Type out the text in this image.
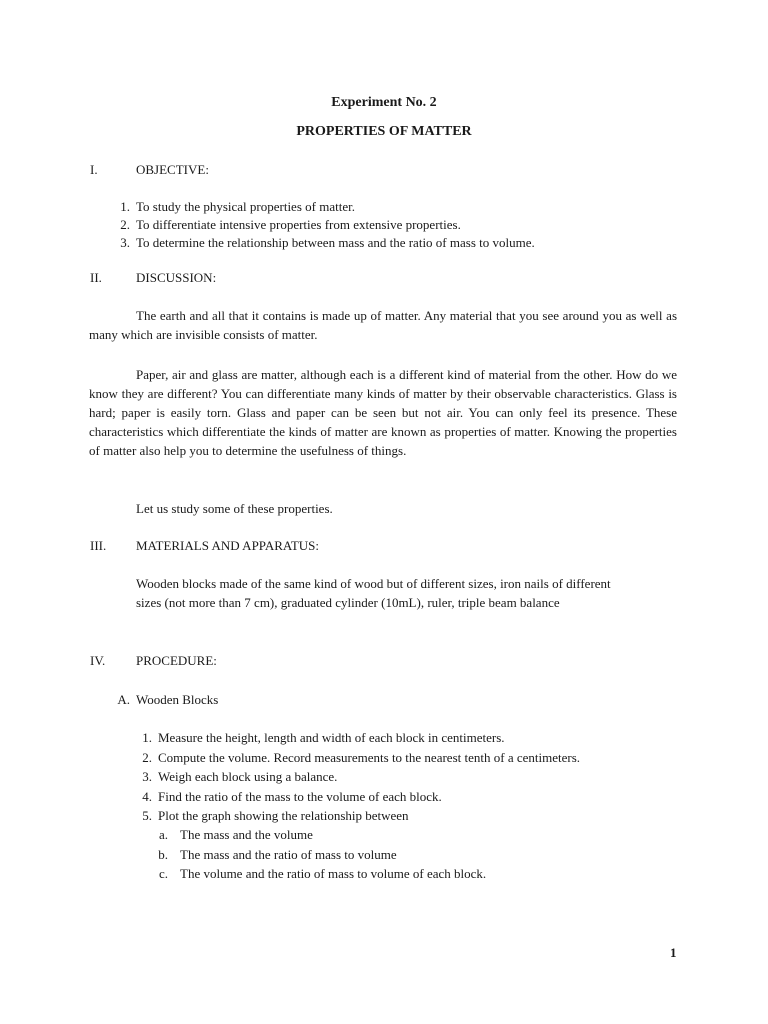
Experiment No. 2
PROPERTIES OF MATTER
I.	OBJECTIVE:
1. To study the physical properties of matter.
2. To differentiate intensive properties from extensive properties.
3. To determine the relationship between mass and the ratio of mass to volume.
II.	DISCUSSION:

The earth and all that it contains is made up of matter. Any material that you see around you as well as many which are invisible consists of matter.

Paper, air and glass are matter, although each is a different kind of material from the other. How do we know they are different? You can differentiate many kinds of matter by their observable characteristics. Glass is hard; paper is easily torn. Glass and paper can be seen but not air. You can only feel its presence. These characteristics which differentiate the kinds of matter are known as properties of matter. Knowing the properties of matter also help you to determine the usefulness of things.

Let us study some of these properties.

III. MATERIALS AND APPARATUS:
Wooden blocks made of the same kind of wood but of different sizes, iron nails of different sizes (not more than 7 cm), graduated cylinder (10mL), ruler, triple beam balance
IV. PROCEDURE:
A. Wooden Blocks
1. Measure the height, length and width of each block in centimeters.
2. Compute the volume. Record measurements to the nearest tenth of a centimeters.
3. Weigh each block using a balance.
4. Find the ratio of the mass to the volume of each block.
5. Plot the graph showing the relationship between
a. The mass and the volume
b. The mass and the ratio of mass to volume
c. The volume and the ratio of mass to volume of each block.
1
